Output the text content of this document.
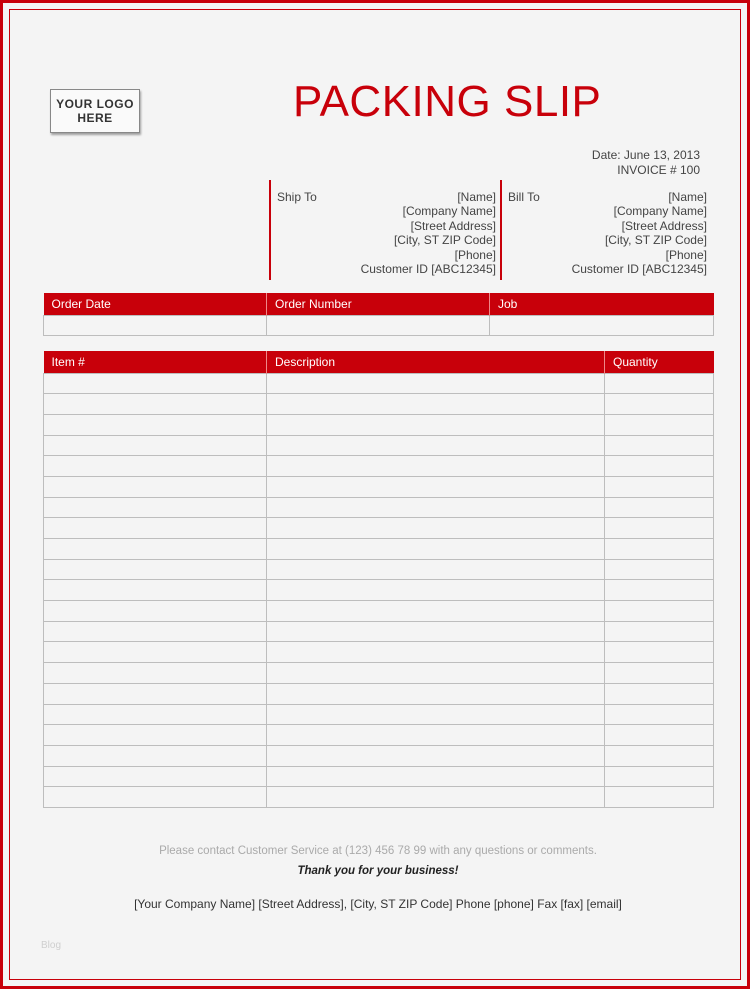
YOUR LOGO
HERE	PACKING SLIP
Date: June 13, 2013
INVOICE # 100
Ship To	[Name]
[Company Name]
[Street Address]
[City, ST ZIP Code]
[Phone]
Customer ID [ABC12345]
Bill To	[Name]
[Company Name]
[Street Address]
[City, ST ZIP Code]
[Phone]
Customer ID [ABC12345]
Order Date	Order Number	Job

Item #	Description	Quantity

Please contact Customer Service at (123) 456 78 99 with any questions or comments.
Thank you for your business!
[Your Company Name] [Street Address], [City, ST ZIP Code] Phone [phone] Fax [fax] [email]
Blog
